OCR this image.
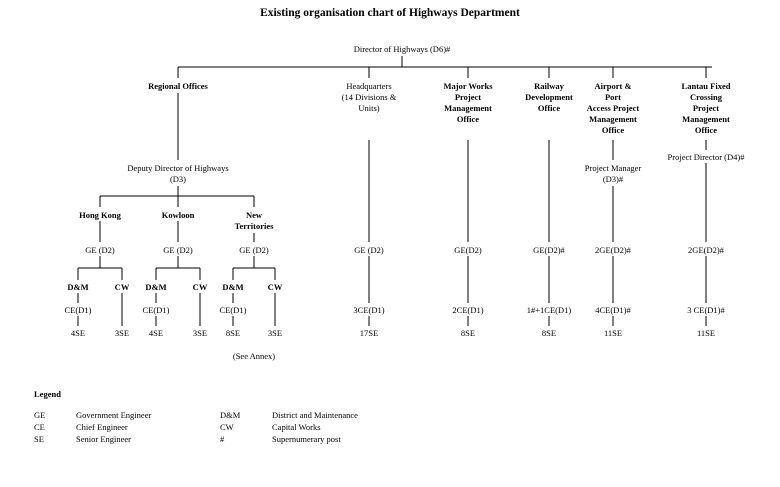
Existing organisation chart of Highways Department
Director of Highways (D6)#
Regional Offices
Deputy Director of Highways
(D3)
Hong Kong	Kowloon	New
Territories
GE (D2)	GE (D2)	GE (D2)
D&M	CW D&M	CW D&M	CW
CE(D1)	CE(D1)	CE(D1)
4SE	3SE 4SE	3SE 8SE	3SE
(See Annex)
Headquarters
(14 Divisions &
Units)
GE (D2)
3CE(D1)
17SE
Major Works
Project
Management
Office
GE(D2)
2CE(D1)
8SE
Railway
Development
Office
GE(D2)#
1#+1CE(D1)
8SE
Airport &
Port
Access Project
Management
Office
Project Manager
(D3)#
2GE(D2)#
4CE(D1)#
11SE
Lantau Fixed
Crossing
Project
Management
Office
Project Director (D4)#
2GE(D2)#
3 CE(D1)#
11SE
Legend
GE	Government Engineer
CE	Chief Engineer
SE	Senior Engineer
D&M	District and Maintenance
CW	Capital Works
#	Supernumerary post
